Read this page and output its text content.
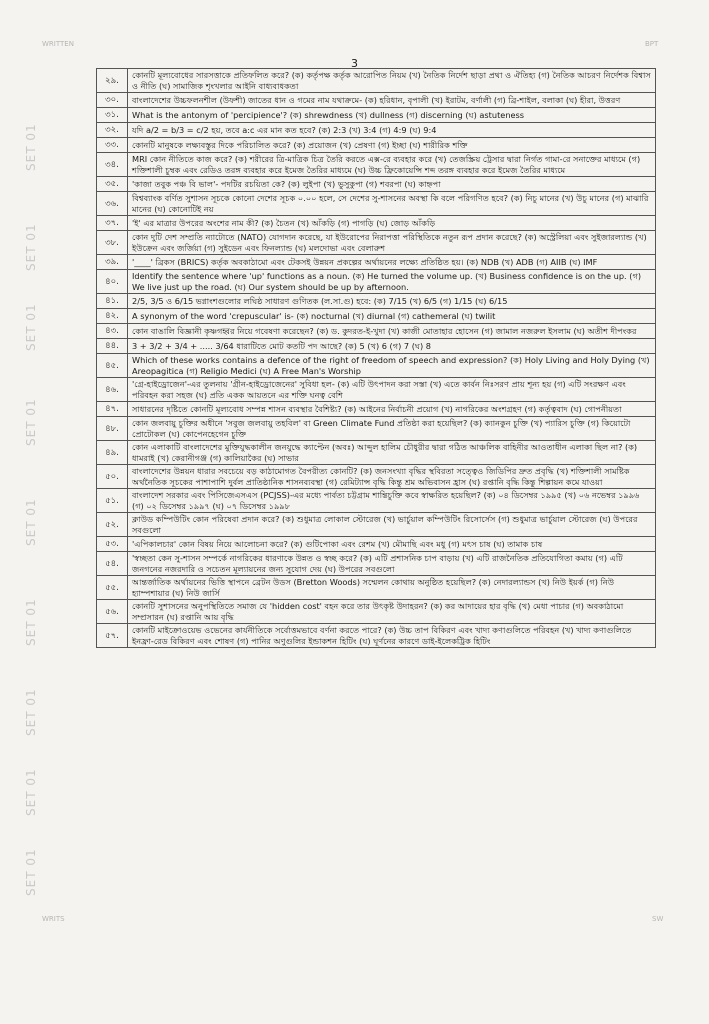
WRITTEN	BPT
3
SET 01
SET 01
SET 01
SET 01
SET 01
SET 01
SET 01
SET 01
SET 01
২৯.	কোনটি মূল্যবোধের সারসত্তাকে প্রতিফলিত করে? (ক) কর্তৃপক্ষ কর্তৃক আরোপিত নিয়ম (খ) নৈতিক নির্দেশ ছাড়া প্রথা ও ঐতিহ্য (গ) নৈতিক আচরণ নির্দেশক বিশ্বাস ও নীতি (ঘ) সামাজিক শৃংখলার আইনি বাধ্যবাধকতা
৩০.	বাংলাদেশের উচ্চফলনশীল (উফশী) জাতের ধান ও গমের নাম যথাক্রমে- (ক) হরিধান, বৃপালী (খ) ইরাটম, বর্ণালী (গ) ব্রি-শাইল, বলাকা (ঘ) হীরা, উত্তরণ
৩১.	What is the antonym of 'percipience'? (ক) shrewdness (খ) dullness (গ) discerning (ঘ) astuteness
৩২.	যদি a/2 = b/3 = c/2 হয়, তবে a:c এর মান কত হবে? (ক) 2:3 (খ) 3:4 (গ) 4:9 (ঘ) 9:4
৩৩.	কোনটি মানুষকে লক্ষ্যবস্তুর দিকে পরিচালিত করে? (ক) প্রয়োজন (খ) প্রেষণা (গ) ইচ্ছা (ঘ) শারীরিক শক্তি
৩৪.	MRI কোন নীতিতে কাজ করে? (ক) শরীরের ত্রি-মাত্রিক চিত্র তৈরি করতে এক্স-রে ব্যবহার করে (খ) তেজস্ক্রিয় ট্রেসার দ্বারা নির্গত গামা-রে সনাক্তের মাধ্যমে (গ) শক্তিশালী চুম্বক এবং রেডিও তরঙ্গ ব্যবহার করে ইমেজ তৈরির মাধ্যমে (ঘ) উচ্চ ফ্রিকোয়েন্সি শব্দ তরঙ্গ ব্যবহার করে ইমেজ তৈরির মাধ্যমে
৩৫.	'কাজা তবুক পঞ্চ বি ভাল'- পদটির রচয়িতা কে? (ক) লুইপা (খ) ভুসুকুপা (গ) শবরপা (ঘ) কাহ্নপা
৩৬.	বিশ্বব্যাংক বর্ণিত সুশাসন সূচকে কোনো দেশের সূচক ০.০০ হলে, সে দেশের সু-শাসনের অবস্থা কি বলে পরিগণিত হবে? (ক) নিচু মানের (খ) উচু মানের (গ) মাঝারি মানের (ঘ) কোনোটিই নয়
৩৭.	'ই' এর মাত্রার উপরের অংশের নাম কী? (ক) চৈতন (খ) আঁকড়ি (গ) পাগড়ি (ঘ) জোড় আঁকড়ি
৩৮.	কোন দুটি দেশ সম্প্রতি ন্যাটোতে (NATO) যোগদান করেছে, যা ইউরোপের নিরাপত্তা পরিস্থিতিকে নতুন রূপ প্রদান করেছে? (ক) অস্ট্রেলিয়া এবং সুইজারল্যান্ড (খ) ইউক্রেন এবং জর্জিয়া (গ) সুইডেন এবং ফিনল্যান্ড (ঘ) মলদোভা এবং বেলারুশ
৩৯.	'____' ব্রিকস (BRICS) কর্তৃক অবকাঠামো এবং টেকসই উন্নয়ন প্রকল্পের অর্থায়নের লক্ষ্যে প্রতিষ্ঠিত হয়। (ক) NDB (খ) ADB (গ) AIIB (ঘ) IMF
৪০.	Identify the sentence where 'up' functions as a noun. (ক) He turned the volume up. (খ) Business confidence is on the up. (গ) We live just up the road. (ঘ) Our system should be up by afternoon.
৪১.	2/5, 3/5 ও 6/15 ভগ্নাংশগুলোর লঘিষ্ঠ সাধারণ গুণিতক (ল.সা.গু) হবে: (ক) 7/15 (খ) 6/5 (গ) 1/15 (ঘ) 6/15
৪২.	A synonym of the word 'crepuscular' is- (ক) nocturnal (খ) diurnal (গ) cathemeral (ঘ) twilit
৪৩.	কোন বাঙালি বিজ্ঞানী কৃষ্ণগহ্বর নিয়ে গবেষণা করেছেন? (ক) ড. কুদরত-ই-খুদা (খ) কাজী মোতাহার হোসেন (গ) জামাল নজরুল ইসলাম (ঘ) অতীশ দীপংকর
৪৪.	3 + 3/2 + 3/4 + ..... 3/64 ধারাটিতে মোট কতটি পদ আছে? (ক) 5 (খ) 6 (গ) 7 (ঘ) 8
৪৫.	Which of these works contains a defence of the right of freedom of speech and expression? (ক) Holy Living and Holy Dying (খ) Areopagitica (গ) Religio Medici (ঘ) A Free Man's Worship
৪৬.	'গ্রে-হাইড্রোজেন'-এর তুলনায় 'গ্রীন-হাইড্রোজেনের' সুবিধা হল- (ক) এটি উৎপাদন করা সস্তা (খ) এতে কার্বন নিঃসরণ প্রায় শূন্য হয় (গ) এটি সংরক্ষণ এবং পরিবহন করা সহজ (ঘ) প্রতি একক আয়তনে এর শক্তি ঘনত্ব বেশি
৪৭.	সাধারনের দৃষ্টিতে কোনটি মূল্যবোধ সম্পন্ন শাসন ব্যবস্থার বৈশিষ্ট্য? (ক) আইনের নির্বাচনী প্রয়োগ (খ) নাগরিকের অংশগ্রহণ (গ) কর্তৃত্ববাদ (ঘ) গোপনীয়তা
৪৮.	কোন জলবায়ু চুক্তির অধীনে 'সবুজ জলবায়ু তহবিল' বা Green Climate Fund প্রতিষ্ঠা করা হয়েছিল? (ক) ক্যানকুন চুক্তি (খ) প্যারিস চুক্তি (গ) কিয়োটো প্রোটোকল (ঘ) কোপেনহেগেন চুক্তি
৪৯.	কোন এলাকাটি বাংলাদেশের মুক্তিযুদ্ধকালীন জনযুদ্ধে ক্যাপ্টেন (অবঃ) আব্দুল হালিম চৌধুরীর দ্বারা গঠিত আঞ্চলিক বাহিনীর আওতাধীন এলাকা ছিল না? (ক) ধামরাই (খ) কেরানীগঞ্জ (গ) কালিয়াকৈর (ঘ) সাভার
৫০.	বাংলাদেশের উন্নয়ন ধারার সবচেয়ে বড় কাঠামোগত বৈপরীত্য কোনটি? (ক) জনসংখ্যা বৃদ্ধির স্থবিরতা সত্ত্বেও জিডিপির দ্রুত প্রবৃদ্ধি (খ) শক্তিশালী সামষ্টিক অর্থনৈতিক সূচকের পাশাপাশি দুর্বল প্রাতিষ্ঠানিক শাসনব্যবস্থা (গ) রেমিট্যান্স বৃদ্ধি কিন্তু শ্রম অভিবাসন হ্রাস (ঘ) রপ্তানি বৃদ্ধি কিন্তু শিল্পায়ন কমে যাওয়া
৫১.	বাংলাদেশ সরকার এবং পিসিজেএসএস (PCJSS)-এর মধ্যে পার্বত্য চট্টগ্রাম শান্তিচুক্তি কবে স্বাক্ষরিত হয়েছিল? (ক) ০৪ ডিসেম্বর ১৯৯৫ (খ) ০৬ নভেম্বর ১৯৯৬ (গ) ০২ ডিসেম্বর ১৯৯৭ (ঘ) ০৭ ডিসেম্বর ১৯৯৮
৫২.	ক্লাউড কম্পিউটিং কোন পরিষেবা প্রদান করে? (ক) শুধুমাত্র লোকাল স্টোরেজ (খ) ভার্চুয়াল কম্পিউটিং রিসোর্সেস (গ) শুধুমাত্র ভার্চুয়াল স্টোরেজ (ঘ) উপরের সবগুলো
৫৩.	'এপিকালচার' কোন বিষয় নিয়ে আলোচনা করে? (ক) গুটিপোকা এবং রেশম (খ) মৌমাছি এবং মধু (গ) মৎস চাষ (ঘ) তামাক চাষ
৫৪.	'স্বচ্ছতা কেন সু-শাসন সম্পর্কে নাগরিকের ধারণাকে উন্নত ও স্বচ্ছ করে? (ক) এটি প্রশাসনিক চাপ বাড়ায় (খ) এটি রাজনৈতিক প্রতিযোগিতা কমায় (গ) এটি জনগনের নজরদারি ও সচেতন মূল্যায়নের জন্য সুযোগ দেয় (ঘ) উপরের সবগুলো
৫৫.	আন্তর্জাতিক অর্থায়নের ভিত্তি স্থাপনে ব্রেটন উডস (Bretton Woods) সম্মেলন কোথায় অনুষ্ঠিত হয়েছিল? (ক) নেদারল্যান্ডস (খ) নিউ ইয়র্ক (গ) নিউ হ্যাম্পশায়ার (ঘ) নিউ জার্সি
৫৬.	কোনটি সুশাসনের অনুপস্থিতিতে সমাজ যে 'hidden cost' বহন করে তার উৎকৃষ্ট উদাহরন? (ক) কর আদায়ের হার বৃদ্ধি (খ) মেধা পাচার (গ) অবকাঠামো সম্প্রসারন (ঘ) রপ্তানি আয় বৃদ্ধি
৫৭.	কোনটি মাইক্রোওয়েভ ওভেনের কার্যনীতিকে সর্বোত্তমভাবে বর্ণনা করতে পারে? (ক) উচ্চ তাপ বিকিরণ এবং খাদ্য কণাগুলিতে পরিবহন (খ) খাদ্য কণাগুলিতে ইনফ্রা-রেড বিকিরণ এবং শোষণ (গ) পানির অণুগুলির ইন্ডাকশন হিটিং (ঘ) ঘূর্ণনের কারণে ডাই-ইলেকট্রিক হিটিং
WRITS	SW
